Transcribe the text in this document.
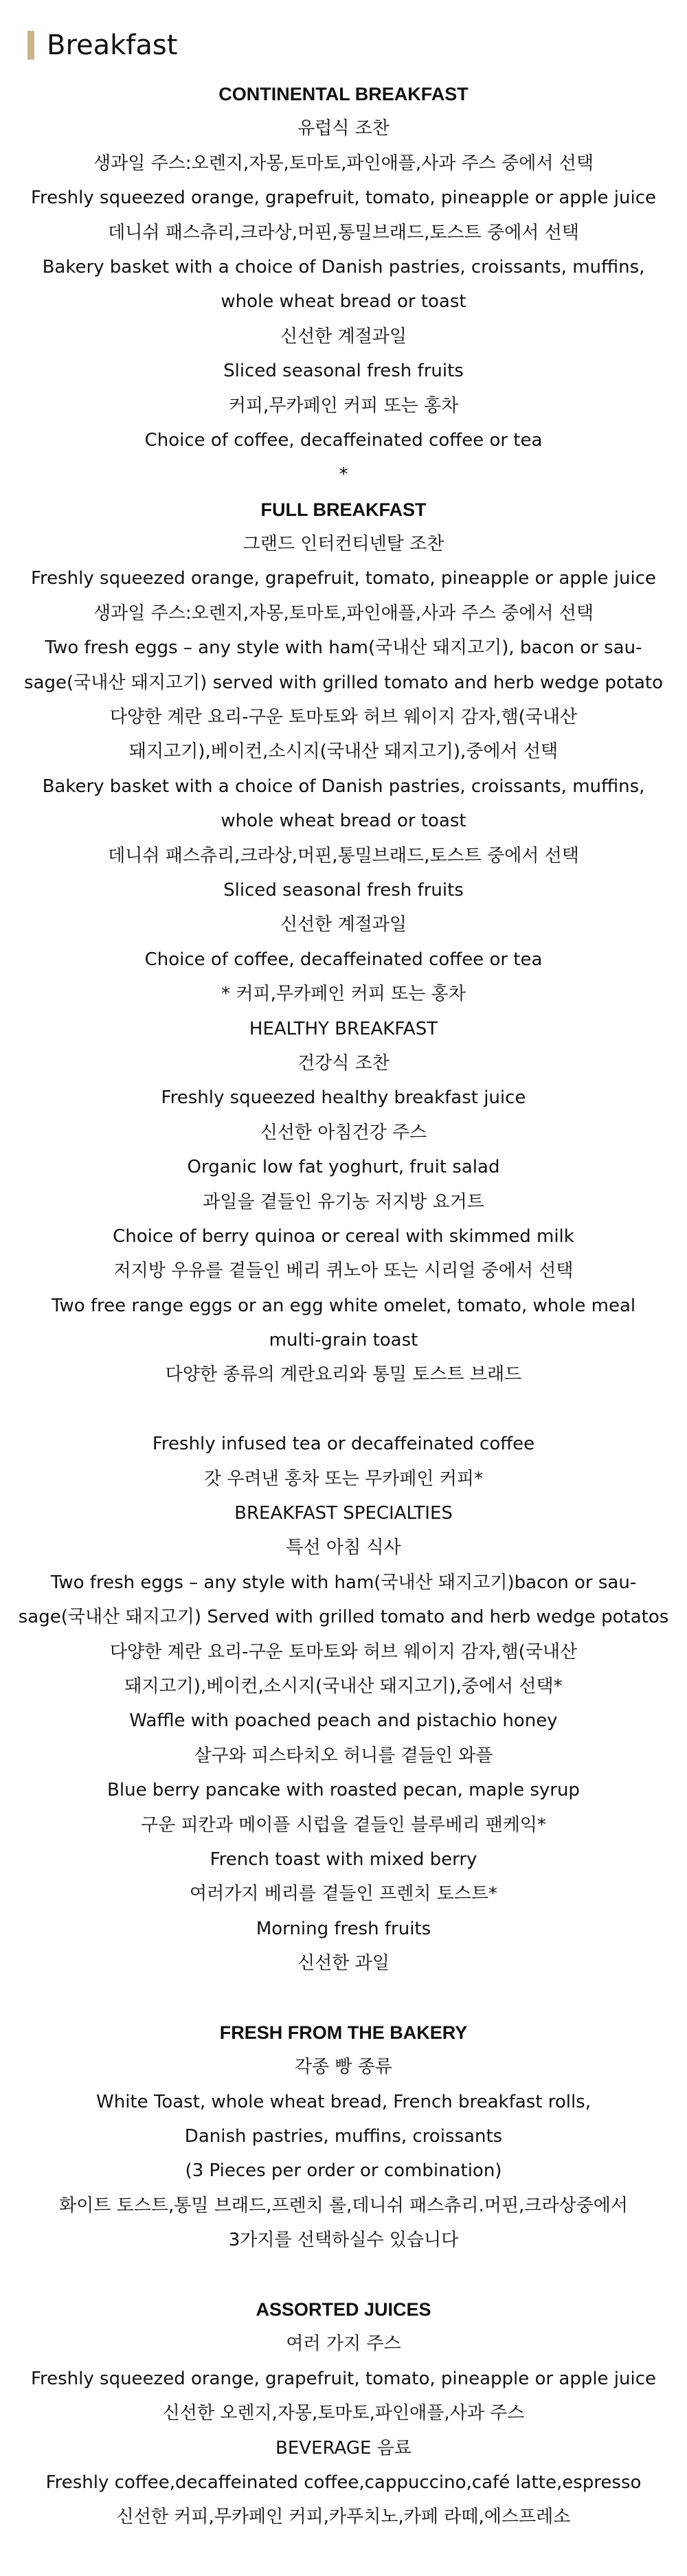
Breakfast
CONTINENTAL BREAKFAST
유럽식 조찬
생과일 주스:오렌지,자몽,토마토,파인애플,사과 주스 중에서 선택
Freshly squeezed orange, grapefruit, tomato, pineapple or apple juice
데니쉬 패스츄리,크라상,머핀,통밀브래드,토스트 중에서 선택
Bakery basket with a choice of Danish pastries, croissants, muffins,
whole wheat bread or toast
신선한 계절과일
Sliced seasonal fresh fruits
커피,무카페인 커피 또는 홍차
Choice of coffee, decaffeinated coffee or tea
*
FULL BREAKFAST
그랜드 인터컨티넨탈 조찬
Freshly squeezed orange, grapefruit, tomato, pineapple or apple juice
생과일 주스:오렌지,자몽,토마토,파인애플,사과 주스 중에서 선택
Two fresh eggs – any style with ham(국내산 돼지고기), bacon or sau-
sage(국내산 돼지고기) served with grilled tomato and herb wedge potato
다양한 계란 요리-구운 토마토와 허브 웨이지 감자,햄(국내산
돼지고기),베이컨,소시지(국내산 돼지고기),중에서 선택
Bakery basket with a choice of Danish pastries, croissants, muffins,
whole wheat bread or toast
데니쉬 패스츄리,크라상,머핀,통밀브래드,토스트 중에서 선택
Sliced seasonal fresh fruits
신선한 계절과일
Choice of coffee, decaffeinated coffee or tea
* 커피,무카페인 커피 또는 홍차
HEALTHY BREAKFAST
건강식 조찬
Freshly squeezed healthy breakfast juice
신선한 아침건강 주스
Organic low fat yoghurt, fruit salad
과일을 곁들인 유기농 저지방 요거트
Choice of berry quinoa or cereal with skimmed milk
저지방 우유를 곁들인 베리 퀴노아 또는 시리얼 중에서 선택
Two free range eggs or an egg white omelet, tomato, whole meal
multi-grain toast
다양한 종류의 계란요리와 통밀 토스트 브래드
Freshly infused tea or decaffeinated coffee
갓 우려낸 홍차 또는 무카페인 커피*
BREAKFAST SPECIALTIES
특선 아침 식사
Two fresh eggs – any style with ham(국내산 돼지고기)bacon or sau-
sage(국내산 돼지고기) Served with grilled tomato and herb wedge potatos
다양한 계란 요리-구운 토마토와 허브 웨이지 감자,햄(국내산
돼지고기),베이컨,소시지(국내산 돼지고기),중에서 선택*
Waffle with poached peach and pistachio honey
살구와 피스타치오 허니를 곁들인 와플
Blue berry pancake with roasted pecan, maple syrup
구운 피칸과 메이플 시럽을 곁들인 블루베리 팬케익*
French toast with mixed berry
여러가지 베리를 곁들인 프렌치 토스트*
Morning fresh fruits
신선한 과일
FRESH FROM THE BAKERY
각종 빵 종류
White Toast, whole wheat bread, French breakfast rolls,
Danish pastries, muffins, croissants
(3 Pieces per order or combination)
화이트 토스트,통밀 브래드,프렌치 롤,데니쉬 패스츄리.머핀,크라상중에서
3가지를 선택하실수 있습니다
ASSORTED JUICES
여러 가지 주스
Freshly squeezed orange, grapefruit, tomato, pineapple or apple juice
신선한 오렌지,자몽,토마토,파인애플,사과 주스
BEVERAGE 음료
Freshly coffee,decaffeinated coffee,cappuccino,café latte,espresso
신선한 커피,무카페인 커피,카푸치노,카페 라떼,에스프레소
